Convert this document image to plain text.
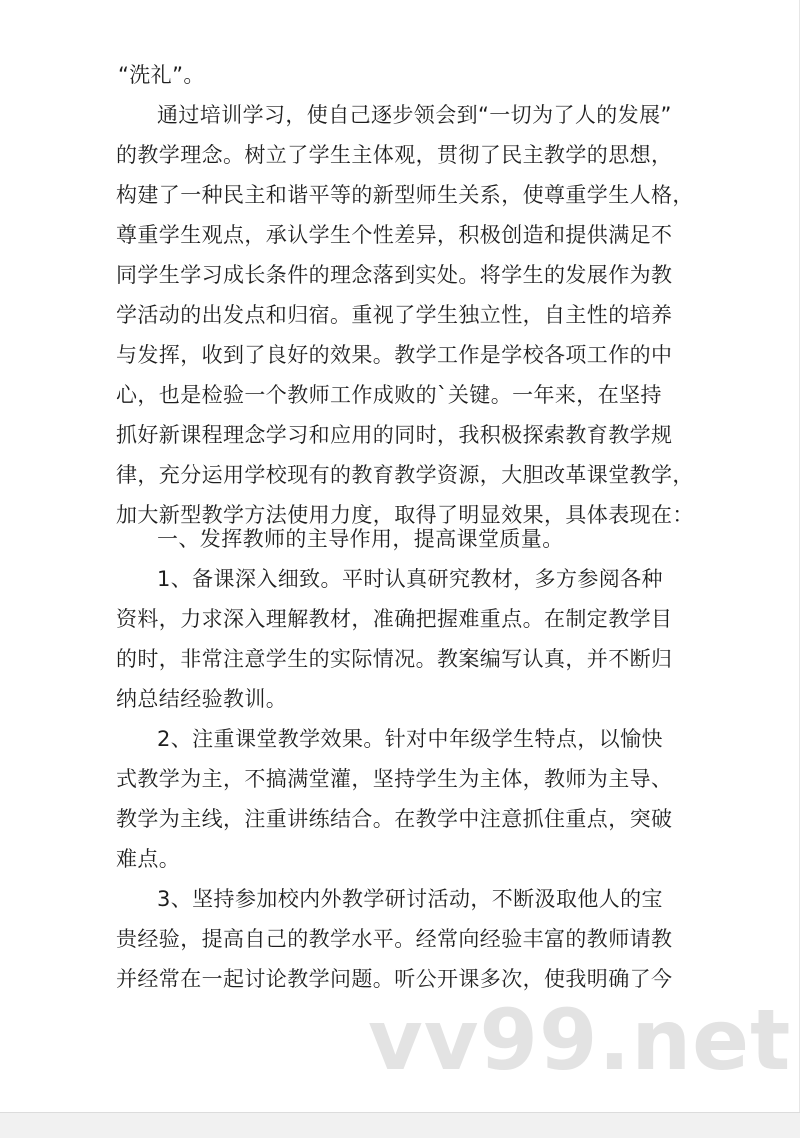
“洗礼”。
通过培训学习，使自己逐步领会到“一切为了人的发展”
的教学理念。树立了学生主体观，贯彻了民主教学的思想，
构建了一种民主和谐平等的新型师生关系，使尊重学生人格，
尊重学生观点，承认学生个性差异，积极创造和提供满足不
同学生学习成长条件的理念落到实处。将学生的发展作为教
学活动的出发点和归宿。重视了学生独立性，自主性的培养
与发挥，收到了良好的效果。教学工作是学校各项工作的中
心，也是检验一个教师工作成败的`关键。一年来，在坚持
抓好新课程理念学习和应用的同时，我积极探索教育教学规
律，充分运用学校现有的教育教学资源，大胆改革课堂教学，
加大新型教学方法使用力度，取得了明显效果，具体表现在：
一、发挥教师的主导作用，提高课堂质量。
1、备课深入细致。平时认真研究教材，多方参阅各种
资料，力求深入理解教材，准确把握难重点。在制定教学目
的时，非常注意学生的实际情况。教案编写认真，并不断归
纳总结经验教训。
2、注重课堂教学效果。针对中年级学生特点，以愉快
式教学为主，不搞满堂灌，坚持学生为主体，教师为主导、
教学为主线，注重讲练结合。在教学中注意抓住重点，突破
难点。
3、坚持参加校内外教学研讨活动，不断汲取他人的宝
贵经验，提高自己的教学水平。经常向经验丰富的教师请教
并经常在一起讨论教学问题。听公开课多次，使我明确了今
vv99.net
